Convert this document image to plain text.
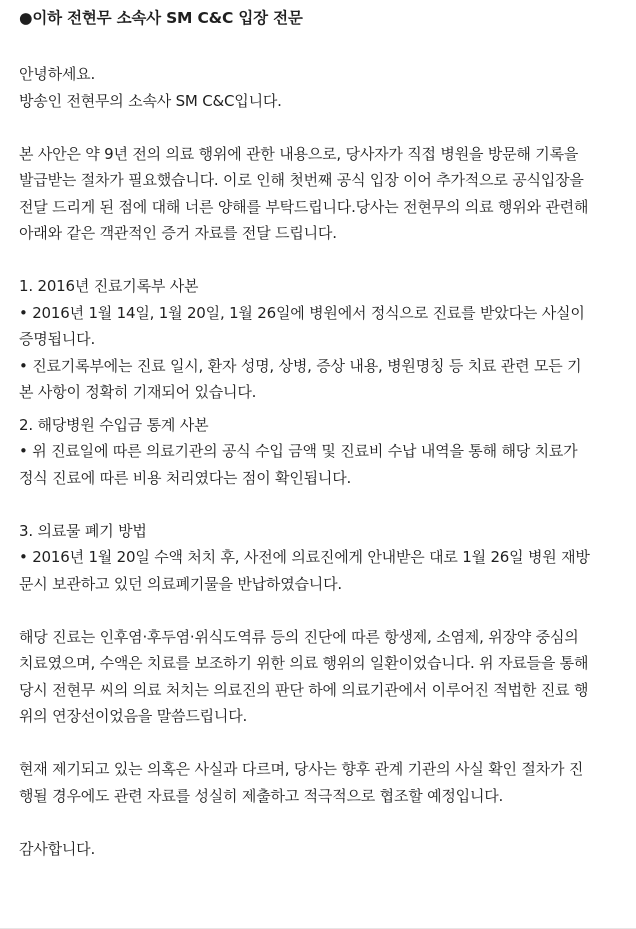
●이하 전현무 소속사 SM C&C 입장 전문
안녕하세요.
방송인 전현무의 소속사 SM C&C입니다.
본 사안은 약 9년 전의 의료 행위에 관한 내용으로, 당사자가 직접 병원을 방문해 기록을
발급받는 절차가 필요했습니다. 이로 인해 첫번째 공식 입장 이어 추가적으로 공식입장을
전달 드리게 된 점에 대해 너른 양해를 부탁드립니다.당사는 전현무의 의료 행위와 관련해
아래와 같은 객관적인 증거 자료를 전달 드립니다.
1. 2016년 진료기록부 사본
• 2016년 1월 14일, 1월 20일, 1월 26일에 병원에서 정식으로 진료를 받았다는 사실이
증명됩니다.
• 진료기록부에는 진료 일시, 환자 성명, 상병, 증상 내용, 병원명칭 등 치료 관련 모든 기
본 사항이 정확히 기재되어 있습니다.
2. 해당병원 수입금 통계 사본
• 위 진료일에 따른 의료기관의 공식 수입 금액 및 진료비 수납 내역을 통해 해당 치료가
정식 진료에 따른 비용 처리였다는 점이 확인됩니다.
3. 의료물 폐기 방법
• 2016년 1월 20일 수액 처치 후, 사전에 의료진에게 안내받은 대로 1월 26일 병원 재방
문시 보관하고 있던 의료폐기물을 반납하였습니다.
해당 진료는 인후염·후두염·위식도역류 등의 진단에 따른 항생제, 소염제, 위장약 중심의
치료였으며, 수액은 치료를 보조하기 위한 의료 행위의 일환이었습니다. 위 자료들을 통해
당시 전현무 씨의 의료 처치는 의료진의 판단 하에 의료기관에서 이루어진 적법한 진료 행
위의 연장선이었음을 말씀드립니다.
현재 제기되고 있는 의혹은 사실과 다르며, 당사는 향후 관계 기관의 사실 확인 절차가 진
행될 경우에도 관련 자료를 성실히 제출하고 적극적으로 협조할 예정입니다.
감사합니다.
